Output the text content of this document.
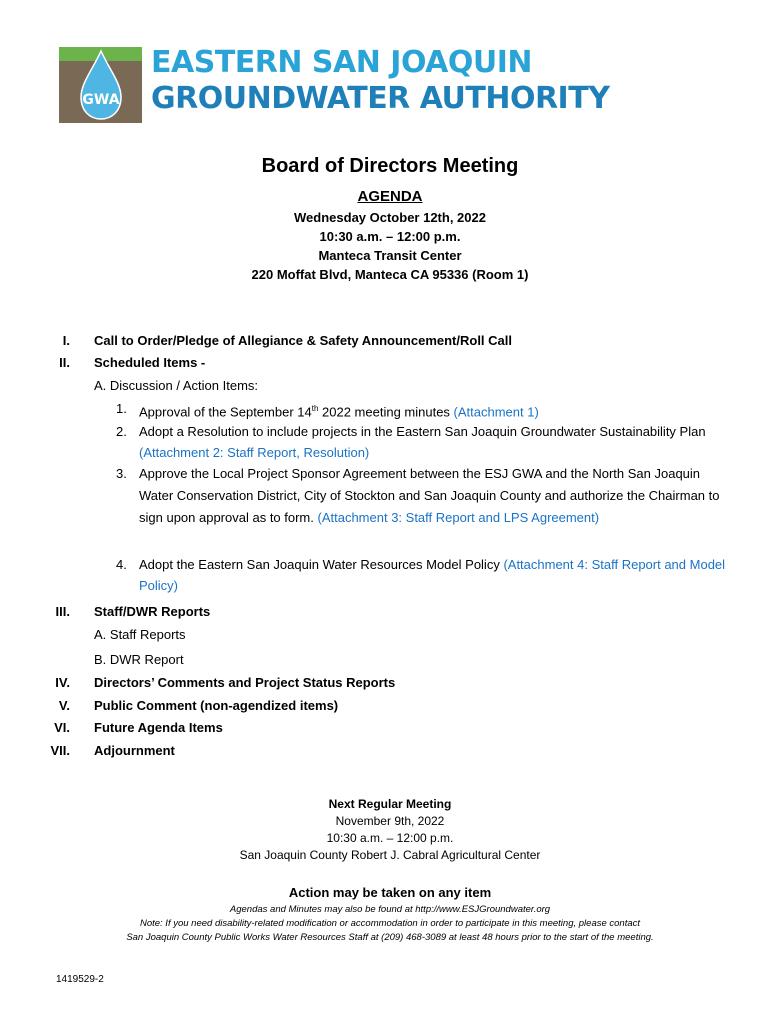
GWA
EASTERN SAN JOAQUIN
GROUNDWATER AUTHORITY
Board of Directors Meeting
AGENDA
Wednesday October 12th, 2022
10:30 a.m. – 12:00 p.m.
Manteca Transit Center
220 Moffat Blvd, Manteca CA 95336 (Room 1)
I. Call to Order/Pledge of Allegiance & Safety Announcement/Roll Call
II. Scheduled Items -
A. Discussion / Action Items:
1. Approval of the September 14th 2022 meeting minutes (Attachment 1)
2. Adopt a Resolution to include projects in the Eastern San Joaquin Groundwater Sustainability Plan (Attachment 2: Staff Report, Resolution)
3. Approve the Local Project Sponsor Agreement between the ESJ GWA and the North San Joaquin Water Conservation District, City of Stockton and San Joaquin County and authorize the Chairman to sign upon approval as to form. (Attachment 3: Staff Report and LPS Agreement)
4. Adopt the Eastern San Joaquin Water Resources Model Policy (Attachment 4: Staff Report and Model Policy)
III. Staff/DWR Reports
A. Staff Reports
B. DWR Report
IV. Directors’ Comments and Project Status Reports
V. Public Comment (non-agendized items)
VI. Future Agenda Items
VII. Adjournment
Next Regular Meeting
November 9th, 2022
10:30 a.m. – 12:00 p.m.
San Joaquin County Robert J. Cabral Agricultural Center
Action may be taken on any item
Agendas and Minutes may also be found at http://www.ESJGroundwater.org
Note: If you need disability-related modification or accommodation in order to participate in this meeting, please contact
San Joaquin County Public Works Water Resources Staff at (209) 468-3089 at least 48 hours prior to the start of the meeting.
1419529-2
